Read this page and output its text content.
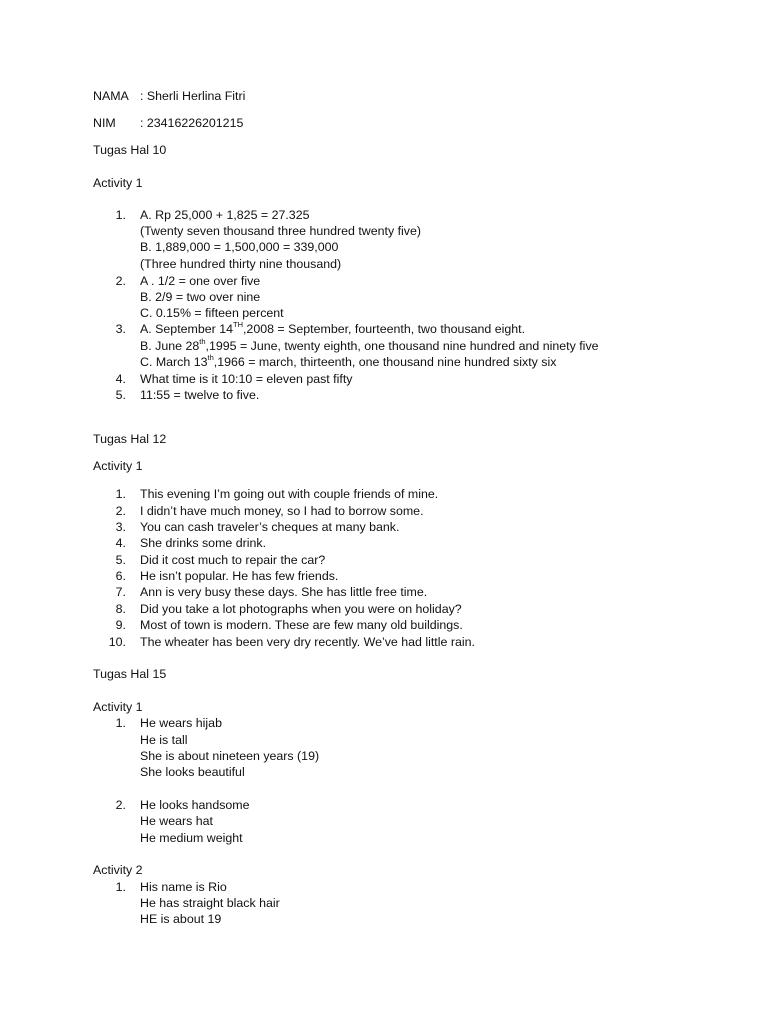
NAMA : Sherli Herlina Fitri
NIM : 23416226201215
Tugas Hal 10
Activity 1
1. A. Rp 25,000 + 1,825 = 27.325
(Twenty seven thousand three hundred twenty five)
B. 1,889,000 = 1,500,000 = 339,000
(Three hundred thirty nine thousand)
2. A . 1/2 = one over five
B. 2/9 = two over nine
C. 0.15% = fifteen percent
3. A. September 14TH,2008 = September, fourteenth, two thousand eight.
B. June 28th,1995 = June, twenty eighth, one thousand nine hundred and ninety five
C. March 13th,1966 = march, thirteenth, one thousand nine hundred sixty six
4. What time is it 10:10 = eleven past fifty
5. 11:55 = twelve to five.
Tugas Hal 12
Activity 1
1. This evening I’m going out with couple friends of mine.
2. I didn’t have much money, so I had to borrow some.
3. You can cash traveler’s cheques at many bank.
4. She drinks some drink.
5. Did it cost much to repair the car?
6. He isn’t popular. He has few friends.
7. Ann is very busy these days. She has little free time.
8. Did you take a lot photographs when you were on holiday?
9. Most of town is modern. These are few many old buildings.
10. The wheater has been very dry recently. We’ve had little rain.
Tugas Hal 15
Activity 1
1. He wears hijab
He is tall
She is about nineteen years (19)
She looks beautiful
2. He looks handsome
He wears hat
He medium weight
Activity 2
1. His name is Rio
He has straight black hair
HE is about 19
